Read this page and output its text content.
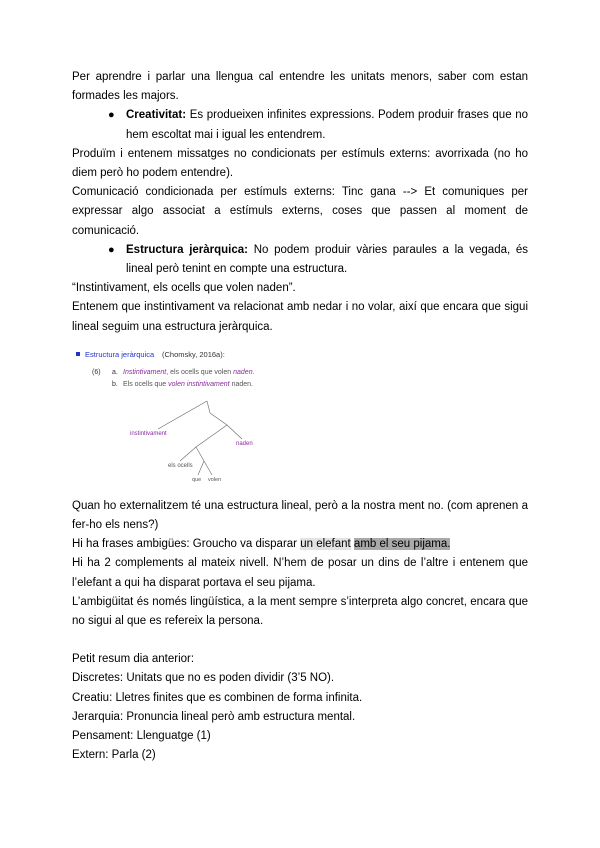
Per aprendre i parlar una llengua cal entendre les unitats menors, saber com estan formades les majors.

● Creativitat: Es produeixen infinites expressions. Podem produir frases que no hem escoltat mai i igual les entendrem.

Produïm i entenem missatges no condicionats per estímuls externs: avorrixada (no ho diem però ho podem entendre).

Comunicació condicionada per estímuls externs: Tinc gana --> Et comuniques per expressar algo associat a estímuls externs, coses que passen al moment de comunicació.

● Estructura jeràrquica: No podem produir vàries paraules a la vegada, és lineal però tenint en compte una estructura.

“Instintivament, els ocells que volen naden”.

Entenem que instintivament va relacionat amb nedar i no volar, així que encara que sigui lineal seguim una estructura jeràrquica.

Estructura jeràrquica (Chomsky, 2016a):
(6) a. Instintivament, els ocells que volen naden.
b. Els ocells que volen instintivament naden.
instintivament
naden
els ocells
que volen

Quan ho externalitzem té una estructura lineal, però a la nostra ment no. (com aprenen a fer-ho els nens?)

Hi ha frases ambigües: Groucho va disparar un elefant amb el seu pijama.

Hi ha 2 complements al mateix nivell. N’hem de posar un dins de l’altre i entenem que l’elefant a qui ha disparat portava el seu pijama.

L’ambigüitat és només lingüística, a la ment sempre s’interpreta algo concret, encara que no sigui al que es refereix la persona.

Petit resum dia anterior:

Discretes: Unitats que no es poden dividir (3’5 NO).

Creatiu: Lletres finites que es combinen de forma infinita.

Jerarquia: Pronuncia lineal però amb estructura mental.

Pensament: Llenguatge (1)

Extern: Parla (2)
